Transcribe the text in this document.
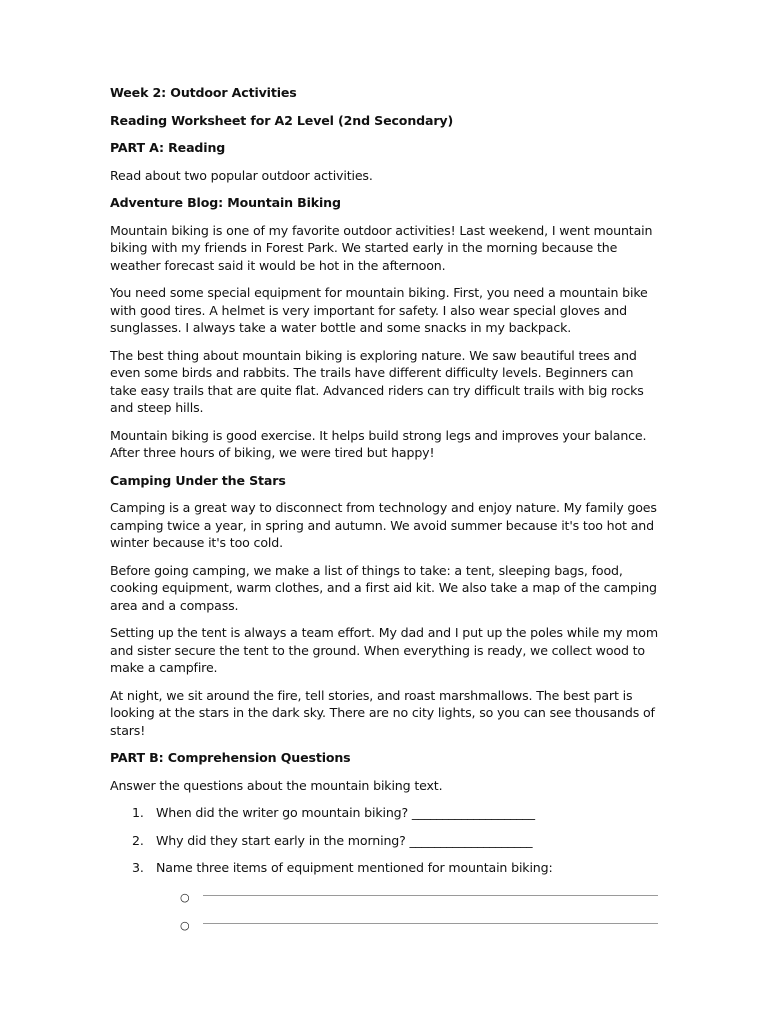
Week 2: Outdoor Activities

Reading Worksheet for A2 Level (2nd Secondary)

PART A: Reading

Read about two popular outdoor activities.

Adventure Blog: Mountain Biking

Mountain biking is one of my favorite outdoor activities! Last weekend, I went mountain biking with my friends in Forest Park. We started early in the morning because the weather forecast said it would be hot in the afternoon.

You need some special equipment for mountain biking. First, you need a mountain bike with good tires. A helmet is very important for safety. I also wear special gloves and sunglasses. I always take a water bottle and some snacks in my backpack.

The best thing about mountain biking is exploring nature. We saw beautiful trees and even some birds and rabbits. The trails have different difficulty levels. Beginners can take easy trails that are quite flat. Advanced riders can try difficult trails with big rocks and steep hills.

Mountain biking is good exercise. It helps build strong legs and improves your balance. After three hours of biking, we were tired but happy!

Camping Under the Stars

Camping is a great way to disconnect from technology and enjoy nature. My family goes camping twice a year, in spring and autumn. We avoid summer because it's too hot and winter because it's too cold.

Before going camping, we make a list of things to take: a tent, sleeping bags, food, cooking equipment, warm clothes, and a first aid kit. We also take a map of the camping area and a compass.

Setting up the tent is always a team effort. My dad and I put up the poles while my mom and sister secure the tent to the ground. When everything is ready, we collect wood to make a campfire.

At night, we sit around the fire, tell stories, and roast marshmallows. The best part is looking at the stars in the dark sky. There are no city lights, so you can see thousands of stars!

PART B: Comprehension Questions

Answer the questions about the mountain biking text.

1. When did the writer go mountain biking? ____________________
2. Why did they start early in the morning? ____________________
3. Name three items of equipment mentioned for mountain biking:
○
○
